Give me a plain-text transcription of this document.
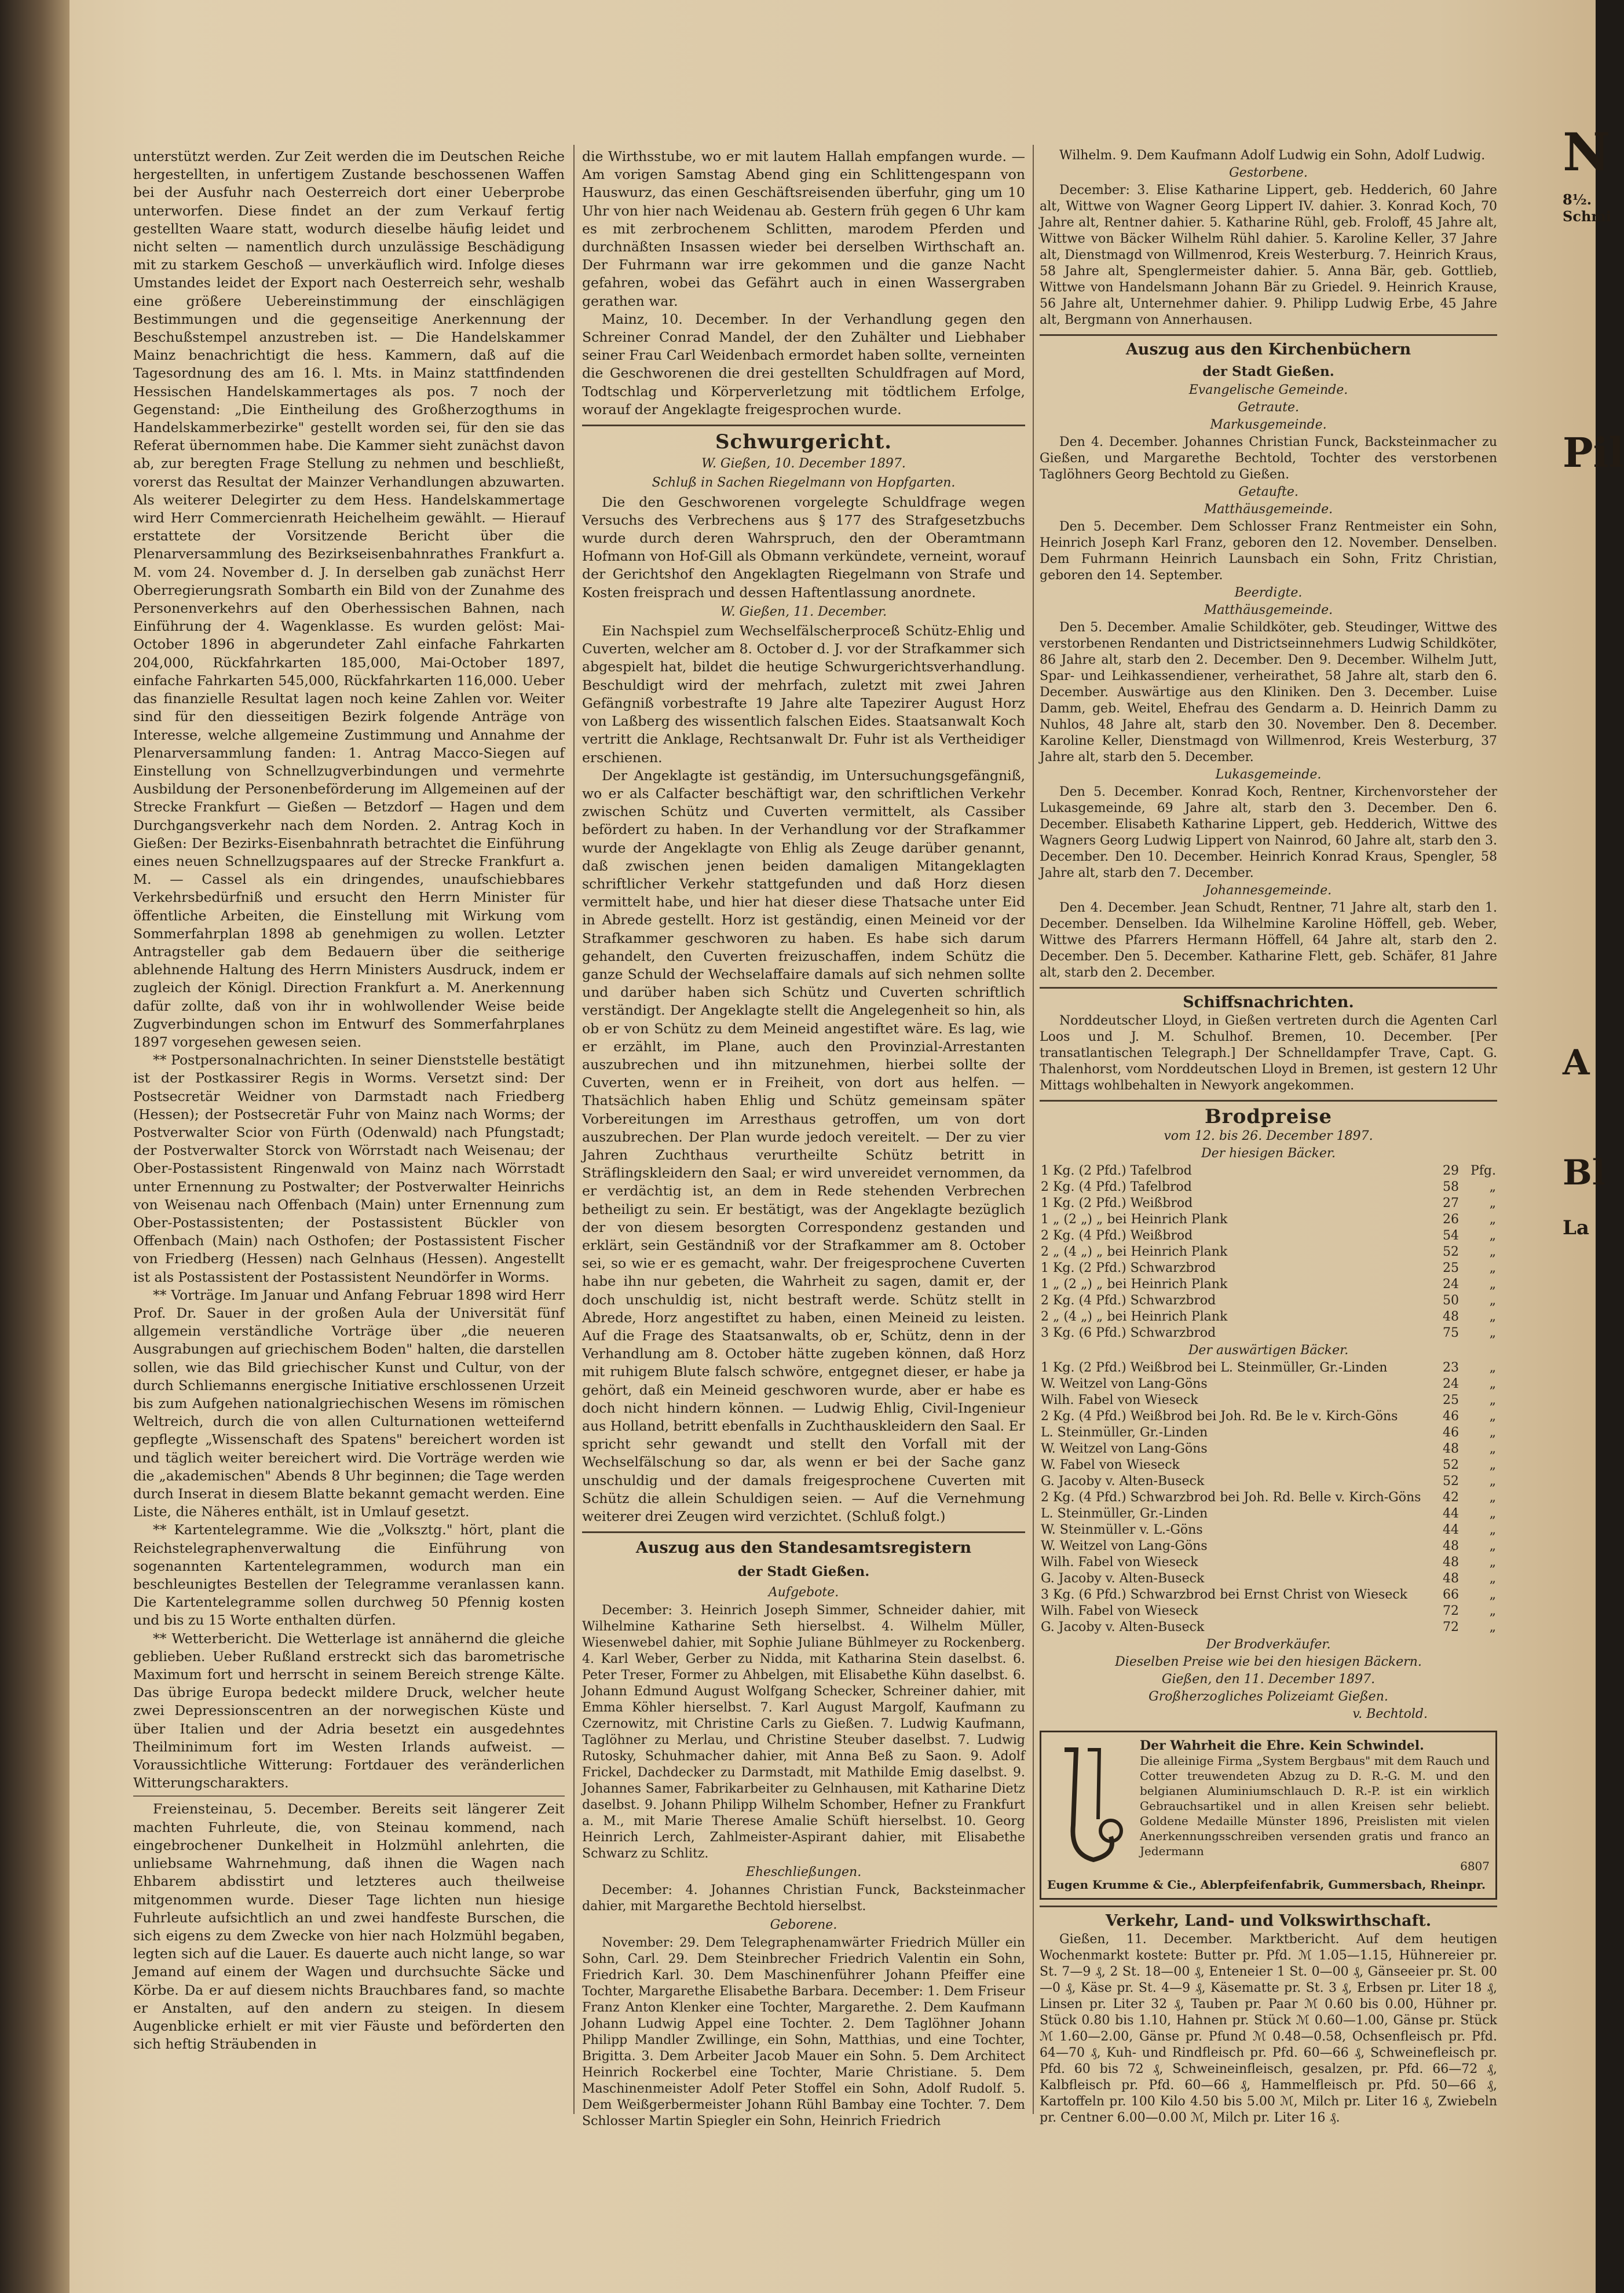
unterstützt werden. Zur Zeit werden die im Deutschen Reiche hergestellten, in unfertigem Zustande beschossenen Waffen bei der Ausfuhr nach Oesterreich dort einer Ueberprobe unterworfen. Diese findet an der zum Verkauf fertig gestellten Waare statt, wodurch dieselbe häufig leidet und nicht selten — namentlich durch unzulässige Beschädigung mit zu starkem Geschoß — unverkäuflich wird. Infolge dieses Umstandes leidet der Export nach Oesterreich sehr, weshalb eine größere Uebereinstimmung der einschlägigen Bestimmungen und die gegenseitige Anerkennung der Beschußstempel anzustreben ist. — Die Handelskammer Mainz benachrichtigt die hess. Kammern, daß auf die Tagesordnung des am 16. l. Mts. in Mainz stattfindenden Hessischen Handelskammertages als pos. 7 noch der Gegenstand: „Die Eintheilung des Großherzogthums in Handelskammerbezirke" gestellt worden sei, für den sie das Referat übernommen habe. Die Kammer sieht zunächst davon ab, zur beregten Frage Stellung zu nehmen und beschließt, vorerst das Resultat der Mainzer Verhandlungen abzuwarten. Als weiterer Delegirter zu dem Hess. Handelskammertage wird Herr Commercienrath Heichelheim gewählt. — Hierauf erstattete der Vorsitzende Bericht über die Plenarversammlung des Bezirkseisenbahnrathes Frankfurt a. M. vom 24. November d. J. In derselben gab zunächst Herr Oberregierungsrath Sombarth ein Bild von der Zunahme des Personenverkehrs auf den Oberhessischen Bahnen, nach Einführung der 4. Wagenklasse. Es wurden gelöst: Mai-October 1896 in abgerundeter Zahl einfache Fahrkarten 204,000, Rückfahrkarten 185,000, Mai-October 1897, einfache Fahrkarten 545,000, Rückfahrkarten 116,000. Ueber das finanzielle Resultat lagen noch keine Zahlen vor. Weiter sind für den diesseitigen Bezirk folgende Anträge von Interesse, welche allgemeine Zustimmung und Annahme der Plenarversammlung fanden: 1. Antrag Macco-Siegen auf Einstellung von Schnellzugverbindungen und vermehrte Ausbildung der Personenbeförderung im Allgemeinen auf der Strecke Frankfurt — Gießen — Betzdorf — Hagen und dem Durchgangsverkehr nach dem Norden. 2. Antrag Koch in Gießen: Der Bezirks-Eisenbahnrath betrachtet die Einführung eines neuen Schnellzugspaares auf der Strecke Frankfurt a. M. — Cassel als ein dringendes, unaufschiebbares Verkehrsbedürfniß und ersucht den Herrn Minister für öffentliche Arbeiten, die Einstellung mit Wirkung vom Sommerfahrplan 1898 ab genehmigen zu wollen. Letzter Antragsteller gab dem Bedauern über die seitherige ablehnende Haltung des Herrn Ministers Ausdruck, indem er zugleich der Königl. Direction Frankfurt a. M. Anerkennung dafür zollte, daß von ihr in wohlwollender Weise beide Zugverbindungen schon im Entwurf des Sommerfahrplanes 1897 vorgesehen gewesen seien.

** Postpersonalnachrichten. In seiner Dienststelle bestätigt ist der Postkassirer Regis in Worms. Versetzt sind: Der Postsecretär Weidner von Darmstadt nach Friedberg (Hessen); der Postsecretär Fuhr von Mainz nach Worms; der Postverwalter Scior von Fürth (Odenwald) nach Pfungstadt; der Postverwalter Storck von Wörrstadt nach Weisenau; der Ober-Postassistent Ringenwald von Mainz nach Wörrstadt unter Ernennung zu Postwalter; der Postverwalter Heinrichs von Weisenau nach Offenbach (Main) unter Ernennung zum Ober-Postassistenten; der Postassistent Bückler von Offenbach (Main) nach Osthofen; der Postassistent Fischer von Friedberg (Hessen) nach Gelnhaus (Hessen). Angestellt ist als Postassistent der Postassistent Neundörfer in Worms.

** Vorträge. Im Januar und Anfang Februar 1898 wird Herr Prof. Dr. Sauer in der großen Aula der Universität fünf allgemein verständliche Vorträge über „die neueren Ausgrabungen auf griechischem Boden" halten, die darstellen sollen, wie das Bild griechischer Kunst und Cultur, von der durch Schliemanns energische Initiative erschlossenen Urzeit bis zum Aufgehen nationalgriechischen Wesens im römischen Weltreich, durch die von allen Culturnationen wetteifernd gepflegte „Wissenschaft des Spatens" bereichert worden ist und täglich weiter bereichert wird. Die Vorträge werden wie die „akademischen" Abends 8 Uhr beginnen; die Tage werden durch Inserat in diesem Blatte bekannt gemacht werden. Eine Liste, die Näheres enthält, ist in Umlauf gesetzt.

** Kartentelegramme. Wie die „Volksztg." hört, plant die Reichstelegraphenverwaltung die Einführung von sogenannten Kartentelegrammen, wodurch man ein beschleunigtes Bestellen der Telegramme veranlassen kann. Die Kartentelegramme sollen durchweg 50 Pfennig kosten und bis zu 15 Worte enthalten dürfen.

** Wetterbericht. Die Wetterlage ist annähernd die gleiche geblieben. Ueber Rußland erstreckt sich das barometrische Maximum fort und herrscht in seinem Bereich strenge Kälte. Das übrige Europa bedeckt mildere Druck, welcher heute zwei Depressionscentren an der norwegischen Küste und über Italien und der Adria besetzt ein ausgedehntes Theilminimum fort im Westen Irlands aufweist. — Voraussichtliche Witterung: Fortdauer des veränderlichen Witterungscharakters.

Freiensteinau, 5. December. Bereits seit längerer Zeit machten Fuhrleute, die, von Steinau kommend, nach eingebrochener Dunkelheit in Holzmühl anlehrten, die unliebsame Wahrnehmung, daß ihnen die Wagen nach Ehbarem abdisstirt und letzteres auch theilweise mitgenommen wurde. Dieser Tage lichten nun hiesige Fuhrleute aufsichtlich an und zwei handfeste Burschen, die sich eigens zu dem Zwecke von hier nach Holzmühl begaben, legten sich auf die Lauer. Es dauerte auch nicht lange, so war Jemand auf einem der Wagen und durchsuchte Säcke und Körbe. Da er auf diesem nichts Brauchbares fand, so machte er Anstalten, auf den andern zu steigen. In diesem Augenblicke erhielt er mit vier Fäuste und beförderten den sich heftig Sträubenden in

die Wirthsstube, wo er mit lautem Hallah empfangen wurde. — Am vorigen Samstag Abend ging ein Schlittengespann von Hauswurz, das einen Geschäftsreisenden überfuhr, ging um 10 Uhr von hier nach Weidenau ab. Gestern früh gegen 6 Uhr kam es mit zerbrochenem Schlitten, marodem Pferden und durchnäßten Insassen wieder bei derselben Wirthschaft an. Der Fuhrmann war irre gekommen und die ganze Nacht gefahren, wobei das Gefährt auch in einen Wassergraben gerathen war.

Mainz, 10. December. In der Verhandlung gegen den Schreiner Conrad Mandel, der den Zuhälter und Liebhaber seiner Frau Carl Weidenbach ermordet haben sollte, verneinten die Geschworenen die drei gestellten Schuldfragen auf Mord, Todtschlag und Körperverletzung mit tödtlichem Erfolge, worauf der Angeklagte freigesprochen wurde.

Schwurgericht.
W. Gießen, 10. December 1897.
Schluß in Sachen Riegelmann von Hopfgarten.

Die den Geschworenen vorgelegte Schuldfrage wegen Versuchs des Verbrechens aus § 177 des Strafgesetzbuchs wurde durch deren Wahrspruch, den der Oberamtmann Hofmann von Hof-Gill als Obmann verkündete, verneint, worauf der Gerichtshof den Angeklagten Riegelmann von Strafe und Kosten freisprach und dessen Haftentlassung anordnete.

W. Gießen, 11. December.

Ein Nachspiel zum Wechselfälscherproceß Schütz-Ehlig und Cuverten, welcher am 8. October d. J. vor der Strafkammer sich abgespielt hat, bildet die heutige Schwurgerichtsverhandlung. Beschuldigt wird der mehrfach, zuletzt mit zwei Jahren Gefängniß vorbestrafte 19 Jahre alte Tapezirer August Horz von Laßberg des wissentlich falschen Eides. Staatsanwalt Koch vertritt die Anklage, Rechtsanwalt Dr. Fuhr ist als Vertheidiger erschienen.

Der Angeklagte ist geständig, im Untersuchungsgefängniß, wo er als Calfacter beschäftigt war, den schriftlichen Verkehr zwischen Schütz und Cuverten vermittelt, als Cassiber befördert zu haben. In der Verhandlung vor der Strafkammer wurde der Angeklagte von Ehlig als Zeuge darüber genannt, daß zwischen jenen beiden damaligen Mitangeklagten schriftlicher Verkehr stattgefunden und daß Horz diesen vermittelt habe, und hier hat dieser diese Thatsache unter Eid in Abrede gestellt. Horz ist geständig, einen Meineid vor der Strafkammer geschworen zu haben. Es habe sich darum gehandelt, den Cuverten freizuschaffen, indem Schütz die ganze Schuld der Wechselaffaire damals auf sich nehmen sollte und darüber haben sich Schütz und Cuverten schriftlich verständigt. Der Angeklagte stellt die Angelegenheit so hin, als ob er von Schütz zu dem Meineid angestiftet wäre. Es lag, wie er erzählt, im Plane, auch den Provinzial-Arrestanten auszubrechen und ihn mitzunehmen, hierbei sollte der Cuverten, wenn er in Freiheit, von dort aus helfen. — Thatsächlich haben Ehlig und Schütz gemeinsam später Vorbereitungen im Arresthaus getroffen, um von dort auszubrechen. Der Plan wurde jedoch vereitelt. — Der zu vier Jahren Zuchthaus verurtheilte Schütz betritt in Sträflingskleidern den Saal; er wird unvereidet vernommen, da er verdächtig ist, an dem in Rede stehenden Verbrechen betheiligt zu sein. Er bestätigt, was der Angeklagte bezüglich der von diesem besorgten Correspondenz gestanden und erklärt, sein Geständniß vor der Strafkammer am 8. October sei, so wie er es gemacht, wahr. Der freigesprochene Cuverten habe ihn nur gebeten, die Wahrheit zu sagen, damit er, der doch unschuldig ist, nicht bestraft werde. Schütz stellt in Abrede, Horz angestiftet zu haben, einen Meineid zu leisten. Auf die Frage des Staatsanwalts, ob er, Schütz, denn in der Verhandlung am 8. October hätte zugeben können, daß Horz mit ruhigem Blute falsch schwöre, entgegnet dieser, er habe ja gehört, daß ein Meineid geschworen wurde, aber er habe es doch nicht hindern können. — Ludwig Ehlig, Civil-Ingenieur aus Holland, betritt ebenfalls in Zuchthauskleidern den Saal. Er spricht sehr gewandt und stellt den Vorfall mit der Wechselfälschung so dar, als wenn er bei der Sache ganz unschuldig und der damals freigesprochene Cuverten mit Schütz die allein Schuldigen seien. — Auf die Vernehmung weiterer drei Zeugen wird verzichtet. (Schluß folgt.)

Auszug aus den Standesamtsregistern
der Stadt Gießen.
Aufgebote.

December: 3. Heinrich Joseph Simmer, Schneider dahier, mit Wilhelmine Katharine Seth hierselbst. 4. Wilhelm Müller, Wiesenwebel dahier, mit Sophie Juliane Bühlmeyer zu Rockenberg. 4. Karl Weber, Gerber zu Nidda, mit Katharina Stein daselbst. 6. Peter Treser, Former zu Ahbelgen, mit Elisabethe Kühn daselbst. 6. Johann Edmund August Wolfgang Schecker, Schreiner dahier, mit Emma Köhler hierselbst. 7. Karl August Margolf, Kaufmann zu Czernowitz, mit Christine Carls zu Gießen. 7. Ludwig Kaufmann, Taglöhner zu Merlau, und Christine Steuber daselbst. 7. Ludwig Rutosky, Schuhmacher dahier, mit Anna Beß zu Saon. 9. Adolf Frickel, Dachdecker zu Darmstadt, mit Mathilde Emig daselbst. 9. Johannes Samer, Fabrikarbeiter zu Gelnhausen, mit Katharine Dietz daselbst. 9. Johann Philipp Wilhelm Schomber, Hefner zu Frankfurt a. M., mit Marie Therese Amalie Schüft hierselbst. 10. Georg Heinrich Lerch, Zahlmeister-Aspirant dahier, mit Elisabethe Schwarz zu Schlitz.

Eheschließungen.

December: 4. Johannes Christian Funck, Backsteinmacher dahier, mit Margarethe Bechtold hierselbst.

Geborene.

November: 29. Dem Telegraphenamwärter Friedrich Müller ein Sohn, Carl. 29. Dem Steinbrecher Friedrich Valentin ein Sohn, Friedrich Karl. 30. Dem Maschinenführer Johann Pfeiffer eine Tochter, Margarethe Elisabethe Barbara. December: 1. Dem Friseur Franz Anton Klenker eine Tochter, Margarethe. 2. Dem Kaufmann Johann Ludwig Appel eine Tochter. 2. Dem Taglöhner Johann Philipp Mandler Zwillinge, ein Sohn, Matthias, und eine Tochter, Brigitta. 3. Dem Arbeiter Jacob Mauer ein Sohn. 5. Dem Architect Heinrich Rockerbel eine Tochter, Marie Christiane. 5. Dem Maschinenmeister Adolf Peter Stoffel ein Sohn, Adolf Rudolf. 5. Dem Weißgerbermeister Johann Rühl Bambay eine Tochter. 7. Dem Schlosser Martin Spiegler ein Sohn, Heinrich Friedrich

Wilhelm. 9. Dem Kaufmann Adolf Ludwig ein Sohn, Adolf Ludwig.

Gestorbene.

December: 3. Elise Katharine Lippert, geb. Hedderich, 60 Jahre alt, Wittwe von Wagner Georg Lippert IV. dahier. 3. Konrad Koch, 70 Jahre alt, Rentner dahier. 5. Katharine Rühl, geb. Froloff, 45 Jahre alt, Wittwe von Bäcker Wilhelm Rühl dahier. 5. Karoline Keller, 37 Jahre alt, Dienstmagd von Willmenrod, Kreis Westerburg. 7. Heinrich Kraus, 58 Jahre alt, Spenglermeister dahier. 5. Anna Bär, geb. Gottlieb, Wittwe von Handelsmann Johann Bär zu Griedel. 9. Heinrich Krause, 56 Jahre alt, Unternehmer dahier. 9. Philipp Ludwig Erbe, 45 Jahre alt, Bergmann von Annerhausen.

Auszug aus den Kirchenbüchern
der Stadt Gießen.
Evangelische Gemeinde.
Getraute.
Markusgemeinde.

Den 4. December. Johannes Christian Funck, Backsteinmacher zu Gießen, und Margarethe Bechtold, Tochter des verstorbenen Taglöhners Georg Bechtold zu Gießen.

Getaufte.
Matthäusgemeinde.

Den 5. December. Dem Schlosser Franz Rentmeister ein Sohn, Heinrich Joseph Karl Franz, geboren den 12. November. Denselben. Dem Fuhrmann Heinrich Launsbach ein Sohn, Fritz Christian, geboren den 14. September.

Beerdigte.
Matthäusgemeinde.

Den 5. December. Amalie Schildköter, geb. Steudinger, Wittwe des verstorbenen Rendanten und Districtseinnehmers Ludwig Schildköter, 86 Jahre alt, starb den 2. December. Den 9. December. Wilhelm Jutt, Spar- und Leihkassendiener, verheirathet, 58 Jahre alt, starb den 6. December. Auswärtige aus den Kliniken. Den 3. December. Luise Damm, geb. Weitel, Ehefrau des Gendarm a. D. Heinrich Damm zu Nuhlos, 48 Jahre alt, starb den 30. November. Den 8. December. Karoline Keller, Dienstmagd von Willmenrod, Kreis Westerburg, 37 Jahre alt, starb den 5. December.

Lukasgemeinde.

Den 5. December. Konrad Koch, Rentner, Kirchenvorsteher der Lukasgemeinde, 69 Jahre alt, starb den 3. December. Den 6. December. Elisabeth Katharine Lippert, geb. Hedderich, Wittwe des Wagners Georg Ludwig Lippert von Nainrod, 60 Jahre alt, starb den 3. December. Den 10. December. Heinrich Konrad Kraus, Spengler, 58 Jahre alt, starb den 7. December.

Johannesgemeinde.

Den 4. December. Jean Schudt, Rentner, 71 Jahre alt, starb den 1. December. Denselben. Ida Wilhelmine Karoline Höffell, geb. Weber, Wittwe des Pfarrers Hermann Höffell, 64 Jahre alt, starb den 2. December. Den 5. December. Katharine Flett, geb. Schäfer, 81 Jahre alt, starb den 2. December.

Schiffsnachrichten.

Norddeutscher Lloyd, in Gießen vertreten durch die Agenten Carl Loos und J. M. Schulhof. Bremen, 10. December. [Per transatlantischen Telegraph.] Der Schnelldampfer Trave, Capt. G. Thalenhorst, vom Norddeutschen Lloyd in Bremen, ist gestern 12 Uhr Mittags wohlbehalten in Newyork angekommen.

Brodpreise
vom 12. bis 26. December 1897.
Der hiesigen Bäcker.
1 Kg. (2 Pfd.) Tafelbrod	29	Pfg.
2 Kg. (4 Pfd.) Tafelbrod	58	„
1 Kg. (2 Pfd.) Weißbrod	27	„
1 „ (2 „) „ bei Heinrich Plank	26	„
2 Kg. (4 Pfd.) Weißbrod	54	„
2 „ (4 „) „ bei Heinrich Plank	52	„
1 Kg. (2 Pfd.) Schwarzbrod	25	„
1 „ (2 „) „ bei Heinrich Plank	24	„
2 Kg. (4 Pfd.) Schwarzbrod	50	„
2 „ (4 „) „ bei Heinrich Plank	48	„
3 Kg. (6 Pfd.) Schwarzbrod	75	„
Der auswärtigen Bäcker.
1 Kg. (2 Pfd.) Weißbrod bei L. Steinmüller, Gr.-Linden	23	„
W. Weitzel von Lang-Göns	24	„
Wilh. Fabel von Wieseck	25	„
2 Kg. (4 Pfd.) Weißbrod bei Joh. Rd. Be le v. Kirch-Göns	46	„
L. Steinmüller, Gr.-Linden	46	„
W. Weitzel von Lang-Göns	48	„
W. Fabel von Wieseck	52	„
G. Jacoby v. Alten-Buseck	52	„
2 Kg. (4 Pfd.) Schwarzbrod bei Joh. Rd. Belle v. Kirch-Göns	42	„
L. Steinmüller, Gr.-Linden	44	„
W. Steinmüller v. L.-Göns	44	„
W. Weitzel von Lang-Göns	48	„
Wilh. Fabel von Wieseck	48	„
G. Jacoby v. Alten-Buseck	48	„
3 Kg. (6 Pfd.) Schwarzbrod bei Ernst Christ von Wieseck	66	„
Wilh. Fabel von Wieseck	72	„
G. Jacoby v. Alten-Buseck	72	„
Der Brodverkäufer.
Dieselben Preise wie bei den hiesigen Bäckern.
Gießen, den 11. December 1897.
Großherzogliches Polizeiamt Gießen.
v. Bechtold.
Der Wahrheit die Ehre. Kein Schwindel.
Die alleinige Firma „System Bergbaus" mit dem Rauch und Cotter treuwendeten Abzug zu D. R.-G. M. und den belgianen Aluminiumschlauch D. R.-P. ist ein wirklich Gebrauchsartikel und in allen Kreisen sehr beliebt. Goldene Medaille Münster 1896, Preislisten mit vielen Anerkennungsschreiben versenden gratis und franco an Jedermann
6807
Eugen Krumme & Cie., Ablerpfeifenfabrik, Gummersbach, Rheinpr.
Verkehr, Land- und Volkswirthschaft.

Gießen, 11. December. Marktbericht. Auf dem heutigen Wochenmarkt kostete: Butter pr. Pfd. ℳ 1.05—1.15, Hühnereier pr. St. 7—9 ₰, 2 St. 18—00 ₰, Enteneier 1 St. 0—00 ₰, Gänseeier pr. St. 00—0 ₰, Käse pr. St. 4—9 ₰, Käsematte pr. St. 3 ₰, Erbsen pr. Liter 18 ₰, Linsen pr. Liter 32 ₰, Tauben pr. Paar ℳ 0.60 bis 0.00, Hühner pr. Stück 0.80 bis 1.10, Hahnen pr. Stück ℳ 0.60—1.00, Gänse pr. Stück ℳ 1.60—2.00, Gänse pr. Pfund ℳ 0.48—0.58, Ochsenfleisch pr. Pfd. 64—70 ₰, Kuh- und Rindfleisch pr. Pfd. 60—66 ₰, Schweinefleisch pr. Pfd. 60 bis 72 ₰, Schweineinfleisch, gesalzen, pr. Pfd. 66—72 ₰, Kalbfleisch pr. Pfd. 60—66 ₰, Hammelfleisch pr. Pfd. 50—66 ₰, Kartoffeln pr. 100 Kilo 4.50 bis 5.00 ℳ, Milch pr. Liter 16 ₰, Zwiebeln pr. Centner 6.00—0.00 ℳ, Milch pr. Liter 16 ₰.

N
8½. Schmi
Pil
A
Bl
La
